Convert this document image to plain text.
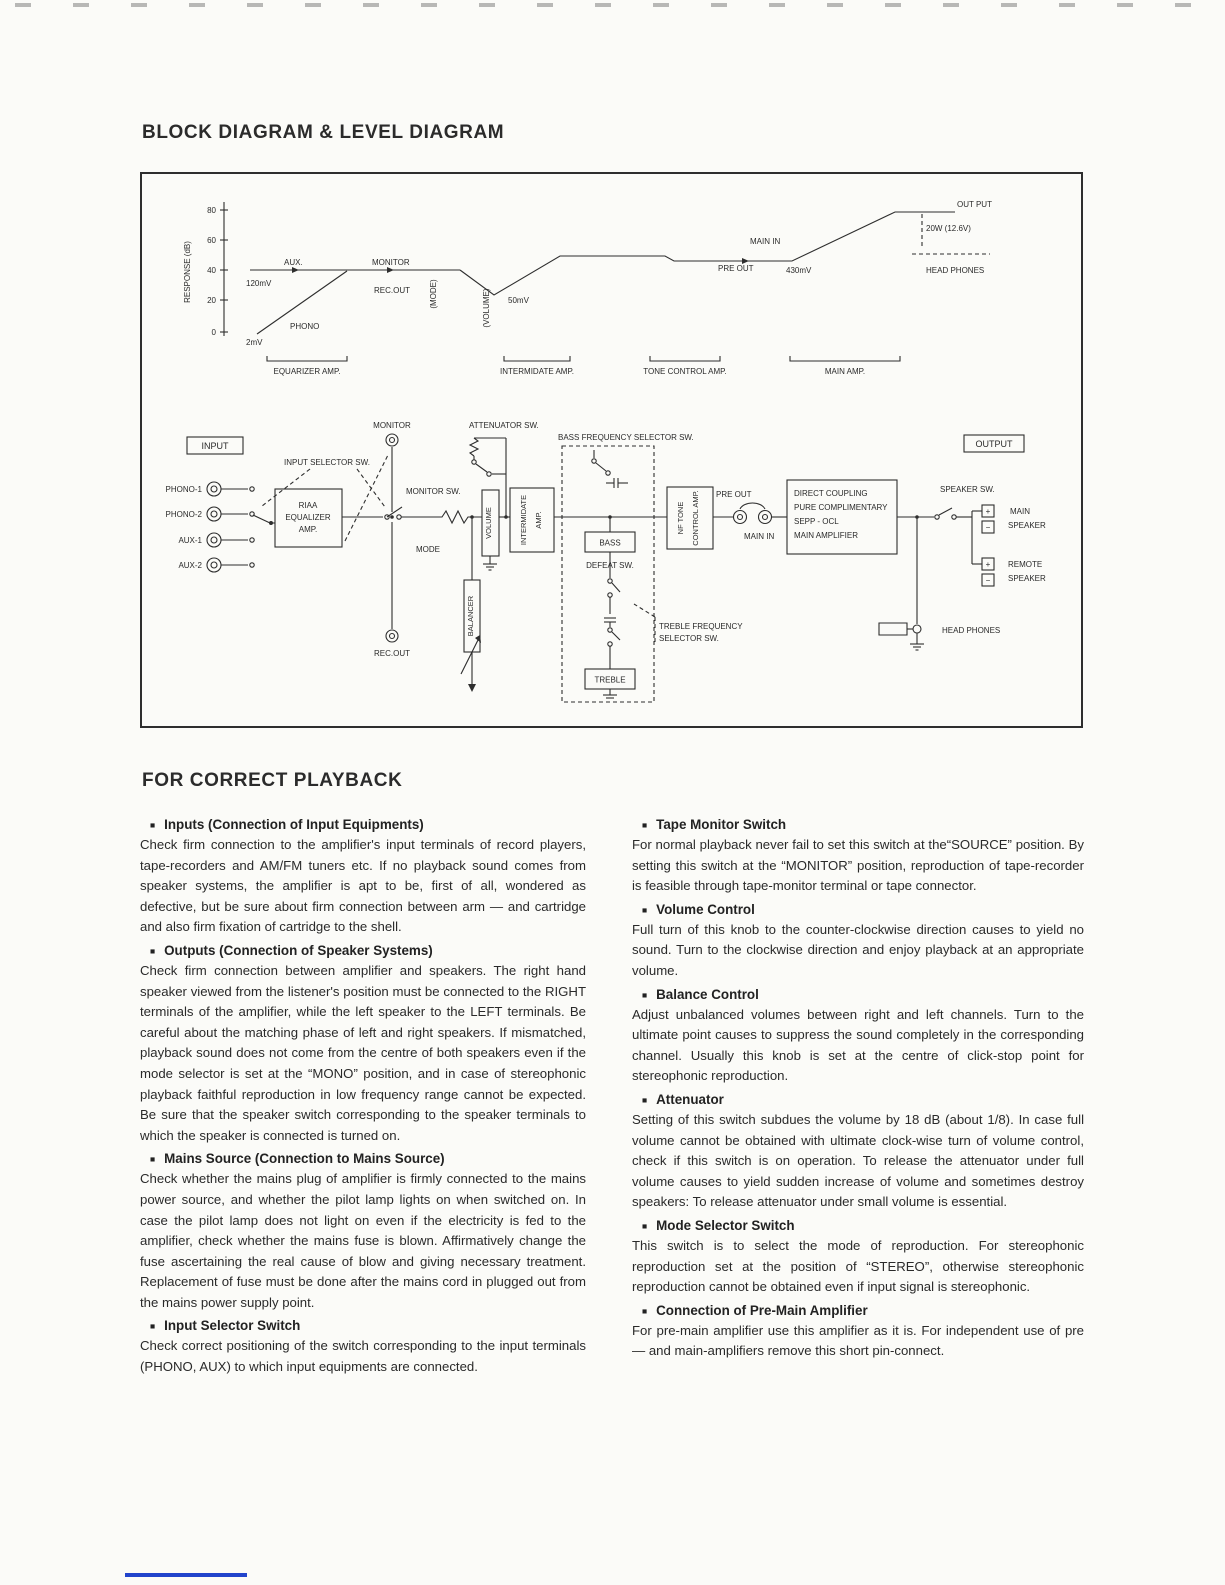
BLOCK DIAGRAM & LEVEL DIAGRAM
80
60
40
20
0
RESPONSE (dB)
2mV
PHONO
AUX.
120mV
MONITOR
REC.OUT (MODE)	(VOLUME) 50mV
PRE OUT
MAIN IN
430mV
OUT PUT
20W (12.6V)
HEAD PHONES
EQUARIZER AMP.	INTERMIDATE AMP.	TONE CONTROL AMP.	MAIN AMP.
INPUT	OUTPUT
PHONO-1
PHONO-2
AUX-1
AUX-2
INPUT SELECTOR SW.
RIAA
EQUALIZER
AMP.
MONITOR
MONITOR SW.
MODE
REC.OUT
BALANCER
ATTENUATOR SW.
VOLUME	INTERMIDATE AMP.
BASS FREQUENCY SELECTOR SW.
BASS
DEFEAT SW.
TREBLE
TREBLE FREQUENCY
SELECTOR SW.
NF TONE CONTROL AMP. PRE OUT
MAIN IN
DIRECT COUPLING
PURE COMPLIMENTARY
SEPP - OCL
MAIN AMPLIFIER
SPEAKER SW.
+
−
MAIN
SPEAKER
+
−
REMOTE
SPEAKER
HEAD PHONES
FOR CORRECT PLAYBACK
■ Inputs (Connection of Input Equipments)

Check firm connection to the amplifier's input terminals of record players, tape-recorders and AM/FM tuners etc. If no playback sound comes from speaker systems, the amplifier is apt to be, first of all, wondered as defective, but be sure about firm connection between arm — and cartridge and also firm fixation of cartridge to the shell.

■ Outputs (Connection of Speaker Systems)

Check firm connection between amplifier and speakers. The right hand speaker viewed from the listener's position must be connected to the RIGHT terminals of the amplifier, while the left speaker to the LEFT terminals. Be careful about the matching phase of left and right speakers. If mismatched, playback sound does not come from the centre of both speakers even if the mode selector is set at the “MONO” position, and in case of stereophonic playback faithful reproduction in low frequency range cannot be expected. Be sure that the speaker switch corresponding to the speaker terminals to which the speaker is connected is turned on.

■ Mains Source (Connection to Mains Source)

Check whether the mains plug of amplifier is firmly connected to the mains power source, and whether the pilot lamp lights on when switched on. In case the pilot lamp does not light on even if the electricity is fed to the amplifier, check whether the mains fuse is blown. Affirmatively change the fuse ascertaining the real cause of blow and giving necessary treatment. Replacement of fuse must be done after the mains cord in plugged out from the mains power supply point.

■ Input Selector Switch

Check correct positioning of the switch corresponding to the input terminals (PHONO, AUX) to which input equipments are connected.

■ Tape Monitor Switch

For normal playback never fail to set this switch at the“SOURCE” position. By setting this switch at the “MONITOR” position, reproduction of tape-recorder is feasible through tape-monitor terminal or tape connector.

■ Volume Control

Full turn of this knob to the counter-clockwise direction causes to yield no sound. Turn to the clockwise direction and enjoy playback at an appropriate volume.

■ Balance Control

Adjust unbalanced volumes between right and left channels. Turn to the ultimate point causes to suppress the sound completely in the corresponding channel. Usually this knob is set at the centre of click-stop point for stereophonic reproduction.

■ Attenuator

Setting of this switch subdues the volume by 18 dB (about 1/8). In case full volume cannot be obtained with ultimate clock-wise turn of volume control, check if this switch is on operation. To release the attenuator under full volume causes to yield sudden increase of volume and sometimes destroy speakers: To release attenuator under small volume is essential.

■ Mode Selector Switch

This switch is to select the mode of reproduction. For stereophonic reproduction set at the position of “STEREO”, otherwise stereophonic reproduction cannot be obtained even if input signal is stereophonic.

■ Connection of Pre-Main Amplifier

For pre-main amplifier use this amplifier as it is. For independent use of pre — and main-amplifiers remove this short pin-connect.
